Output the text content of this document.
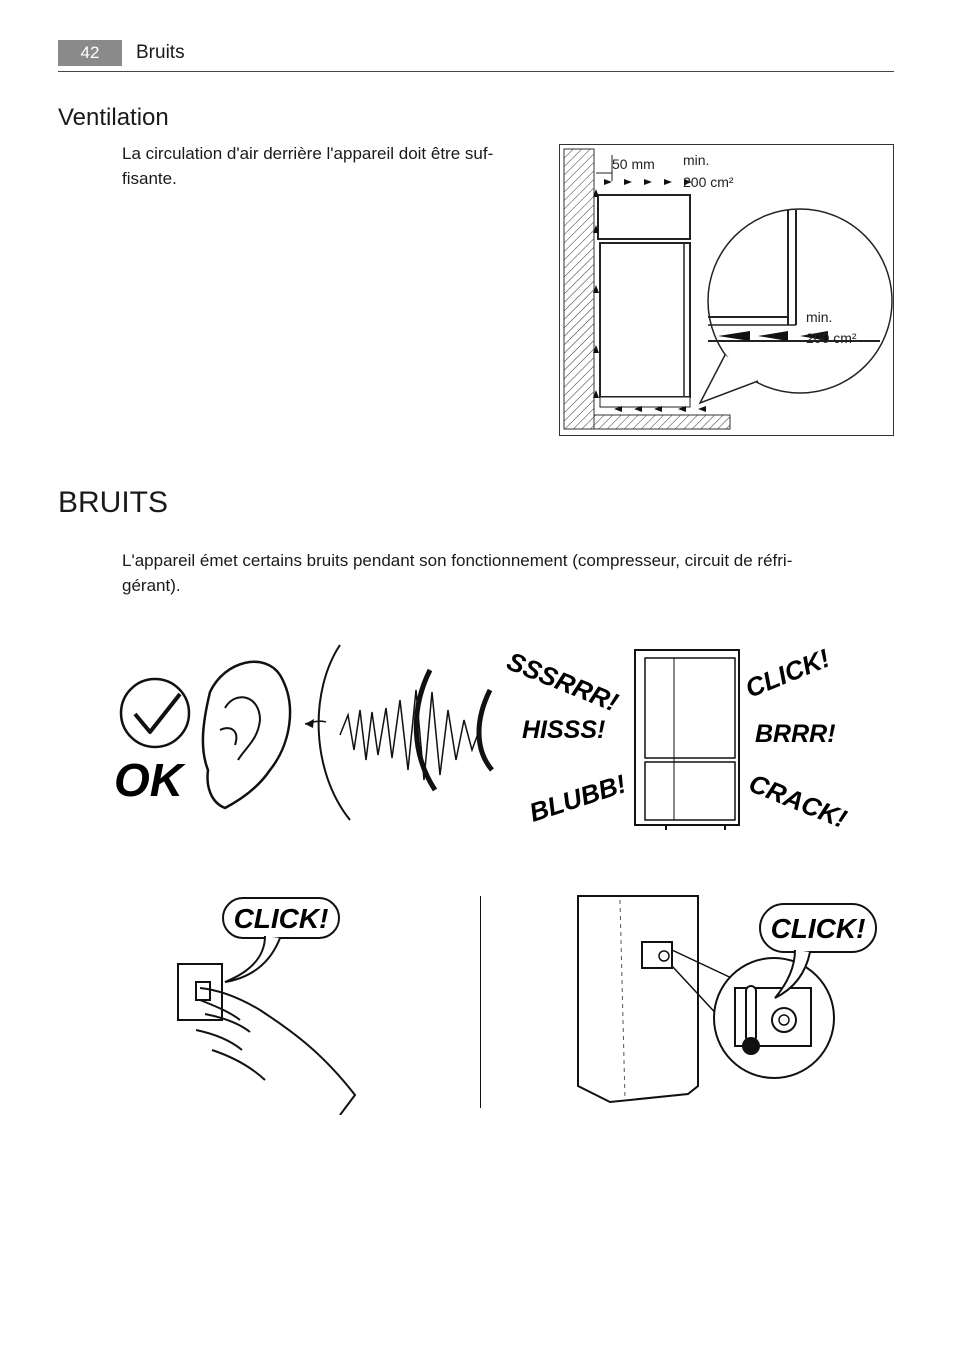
42	Bruits
Ventilation
La circulation d'air derrière l'appareil doit être suf-
fisante.
50 mm min.
200 cm²
min.
200 cm²
BRUITS
L'appareil émet certains bruits pendant son fonctionnement (compresseur, circuit de réfri-
gérant).
OK
SSSRRR!
HISSS!
BLUBB!
CLICK!
BRRR!
CRACK!
CLICK!	CLICK!
